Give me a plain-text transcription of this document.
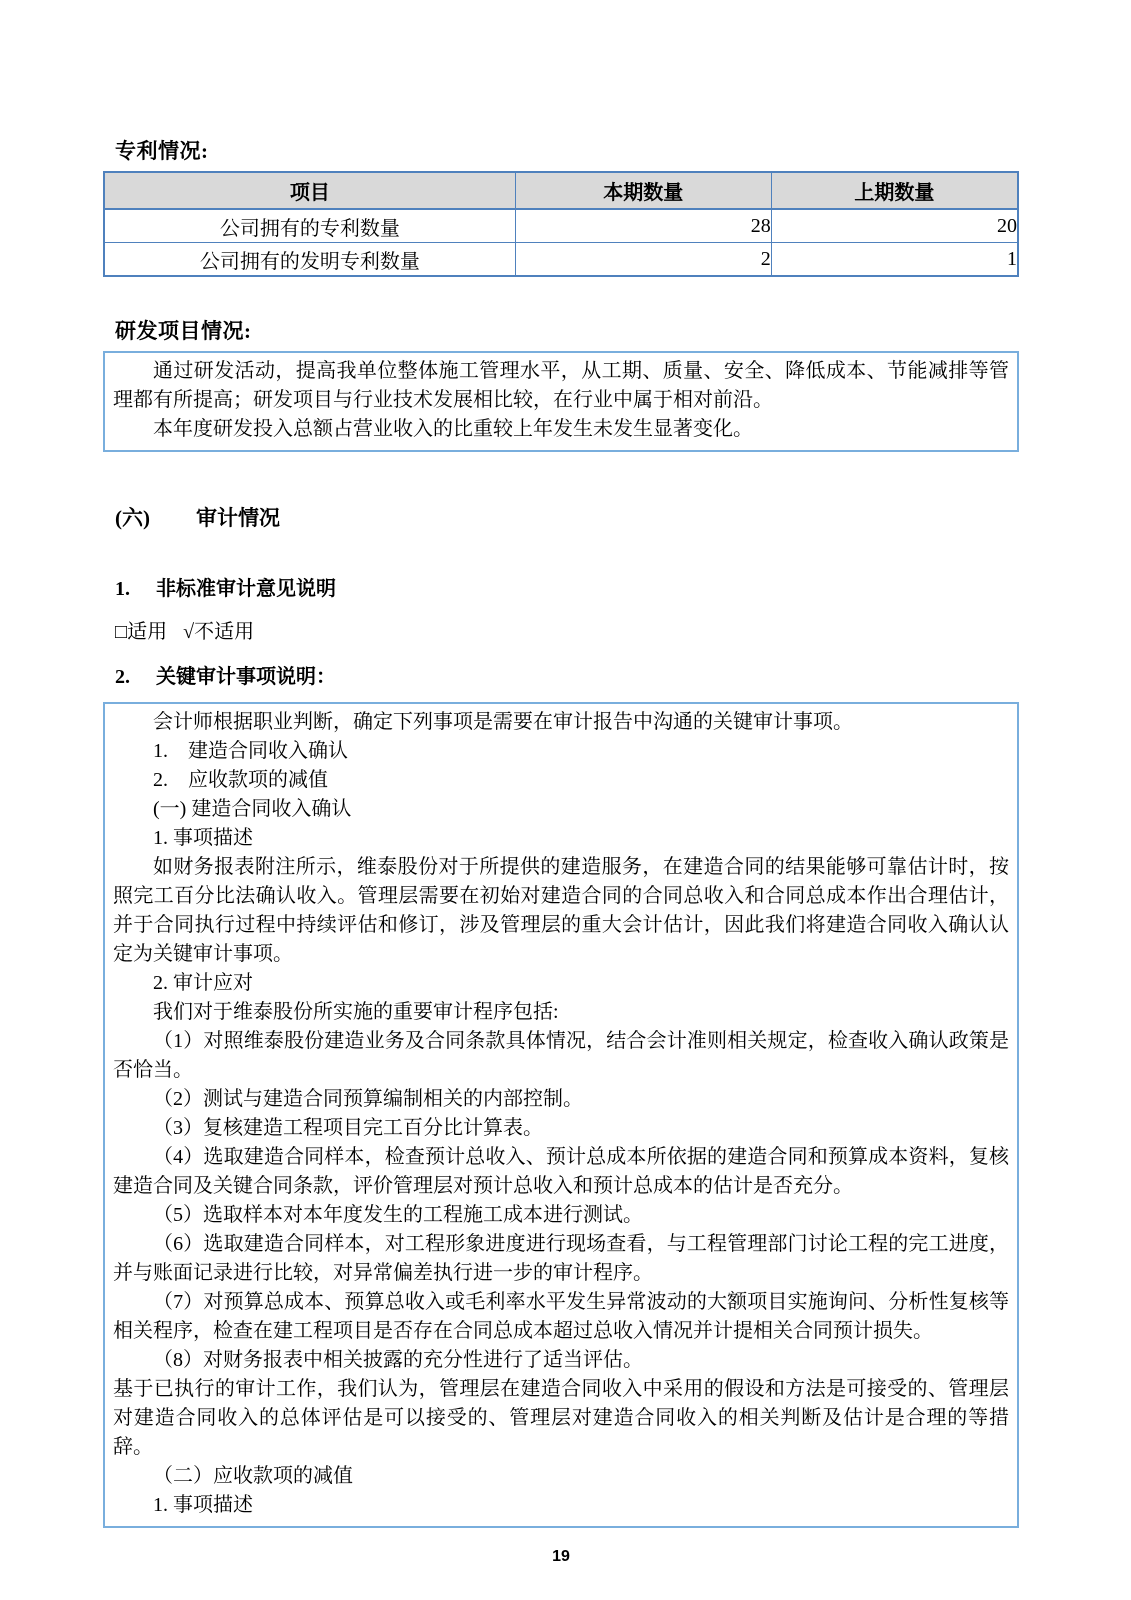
专利情况:
项目	本期数量	上期数量
公司拥有的专利数量	28	20
公司拥有的发明专利数量	2	1
研发项目情况:

通过研发活动，提高我单位整体施工管理水平，从工期、质量、安全、降低成本、节能减排等管理都有所提高；研发项目与行业技术发展相比较，在行业中属于相对前沿。

本年度研发投入总额占营业收入的比重较上年发生未发生显著变化。

(六) 审计情况
1. 非标准审计意见说明
□适用 √不适用
2. 关键审计事项说明：

会计师根据职业判断，确定下列事项是需要在审计报告中沟通的关键审计事项。

1.　建造合同收入确认

2.　应收款项的减值

(一) 建造合同收入确认

1. 事项描述

如财务报表附注所示，维泰股份对于所提供的建造服务，在建造合同的结果能够可靠估计时，按照完工百分比法确认收入。管理层需要在初始对建造合同的合同总收入和合同总成本作出合理估计，并于合同执行过程中持续评估和修订，涉及管理层的重大会计估计，因此我们将建造合同收入确认认定为关键审计事项。

2. 审计应对

我们对于维泰股份所实施的重要审计程序包括:

（1）对照维泰股份建造业务及合同条款具体情况，结合会计准则相关规定，检查收入确认政策是否恰当。

（2）测试与建造合同预算编制相关的内部控制。

（3）复核建造工程项目完工百分比计算表。

（4）选取建造合同样本，检查预计总收入、预计总成本所依据的建造合同和预算成本资料，复核建造合同及关键合同条款，评价管理层对预计总收入和预计总成本的估计是否充分。

（5）选取样本对本年度发生的工程施工成本进行测试。

（6）选取建造合同样本，对工程形象进度进行现场查看，与工程管理部门讨论工程的完工进度，并与账面记录进行比较，对异常偏差执行进一步的审计程序。

（7）对预算总成本、预算总收入或毛利率水平发生异常波动的大额项目实施询问、分析性复核等相关程序，检查在建工程项目是否存在合同总成本超过总收入情况并计提相关合同预计损失。

（8）对财务报表中相关披露的充分性进行了适当评估。

基于已执行的审计工作，我们认为，管理层在建造合同收入中采用的假设和方法是可接受的、管理层对建造合同收入的总体评估是可以接受的、管理层对建造合同收入的相关判断及估计是合理的等措辞。

（二）应收款项的减值

1. 事项描述

19
